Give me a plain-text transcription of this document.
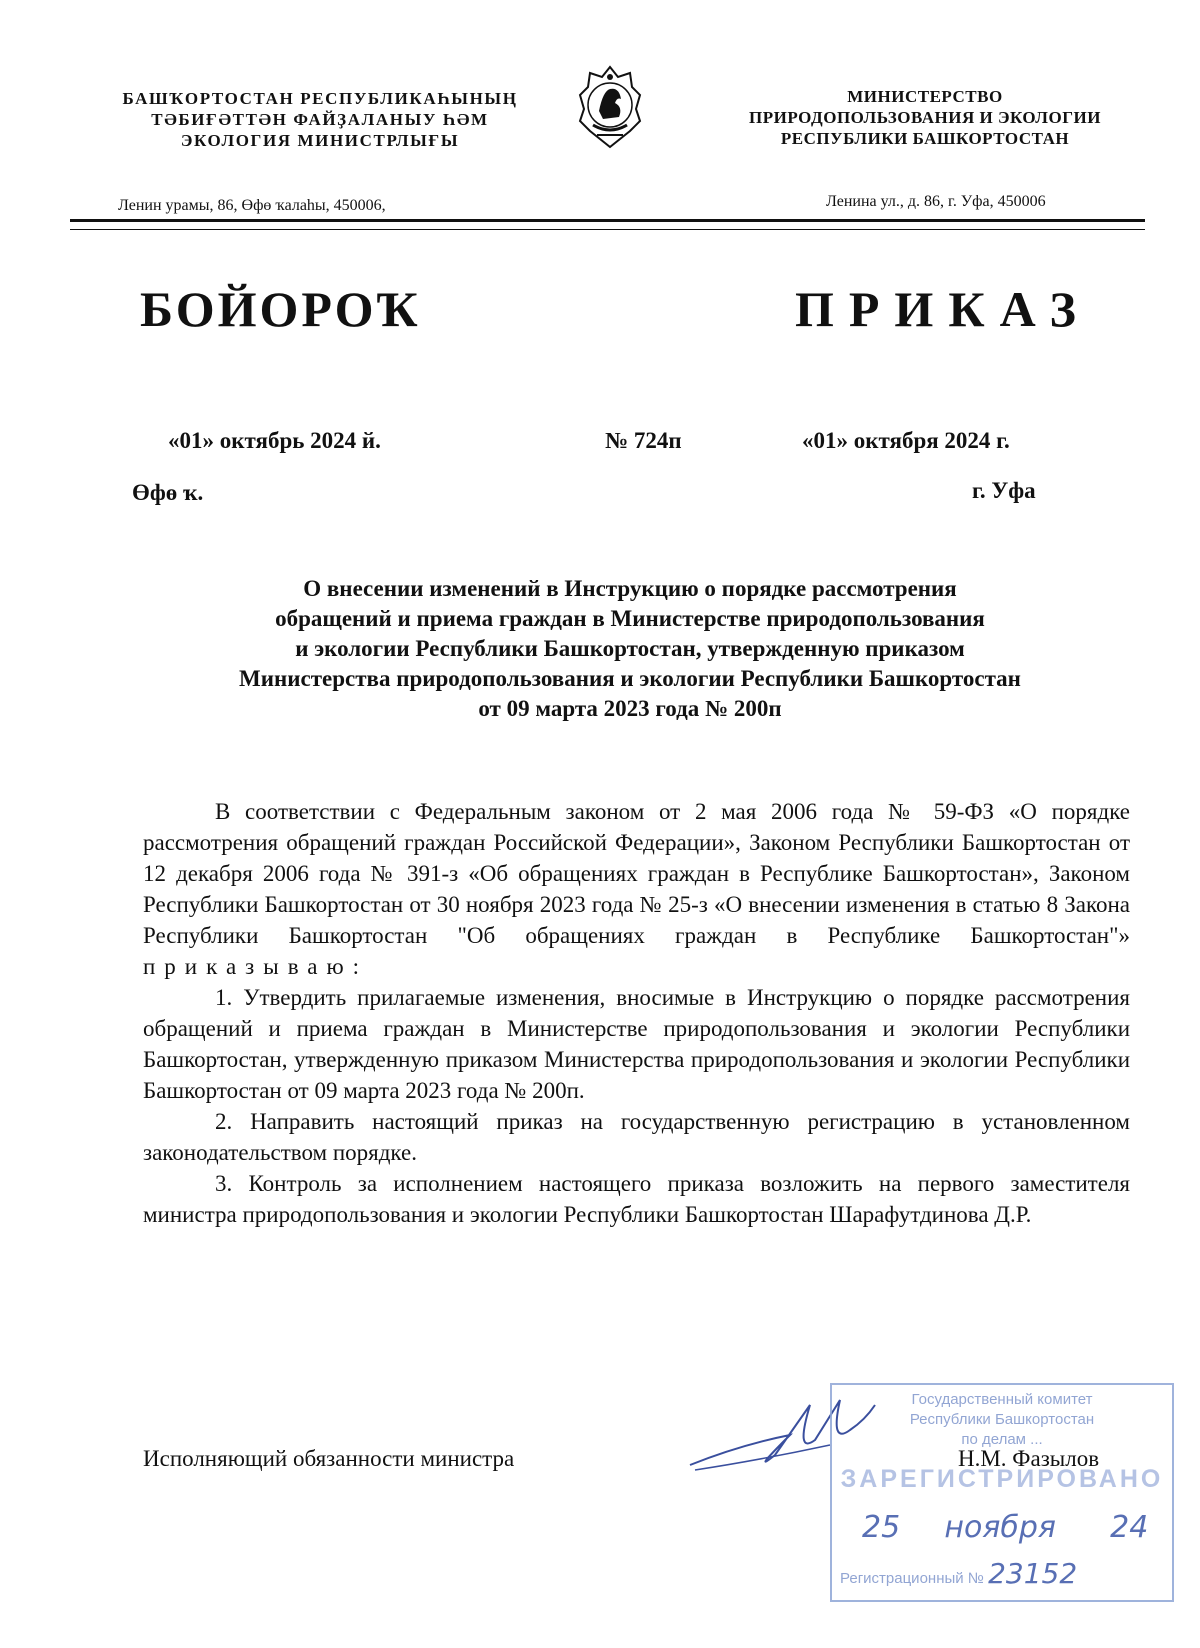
БАШҠОРТОСТАН РЕСПУБЛИКАҺЫНЫҢ
ТӘБИҒӘТТӘН ФАЙҘАЛАНЫУ ҺӘМ
ЭКОЛОГИЯ МИНИСТРЛЫҒЫ
МИНИСТЕРСТВО
ПРИРОДОПОЛЬЗОВАНИЯ И ЭКОЛОГИИ
РЕСПУБЛИКИ БАШКОРТОСТАН
Ленин урамы, 86, Өфө ҡалаһы, 450006,	Ленина ул., д. 86, г. Уфа, 450006
БОЙОРОҠ	ПРИКАЗ
«01» октябрь 2024 й.	№ 724п	«01» октября 2024 г.
Өфө ҡ.	г. Уфа
О внесении изменений в Инструкцию о порядке рассмотрения
обращений и приема граждан в Министерстве природопользования
и экологии Республики Башкортостан, утвержденную приказом
Министерства природопользования и экологии Республики Башкортостан
от 09 марта 2023 года № 200п

В соответствии с Федеральным законом от 2 мая 2006 года № 59-ФЗ «О порядке рассмотрения обращений граждан Российской Федерации», Законом Республики Башкортостан от 12 декабря 2006 года № 391-з «Об обращениях граждан в Республике Башкортостан», Законом Республики Башкортостан от 30 ноября 2023 года № 25-з «О внесении изменения в статью 8 Закона Республики Башкортостан "Об обращениях граждан в Республике Башкортостан"» приказываю:

1. Утвердить прилагаемые изменения, вносимые в Инструкцию о порядке рассмотрения обращений и приема граждан в Министерстве природопользования и экологии Республики Башкортостан, утвержденную приказом Министерства природопользования и экологии Республики Башкортостан от 09 марта 2023 года № 200п.

2. Направить настоящий приказ на государственную регистрацию в установленном законодательством порядке.

3. Контроль за исполнением настоящего приказа возложить на первого заместителя министра природопользования и экологии Республики Башкортостан Шарафутдинова Д.Р.

Исполняющий обязанности министра	Н.М. Фазылов
Государственный комитет
Республики Башкортостан
по делам ...
ЗАРЕГИСТРИРОВАНО
25 ноября 24
Регистрационный № 23152
